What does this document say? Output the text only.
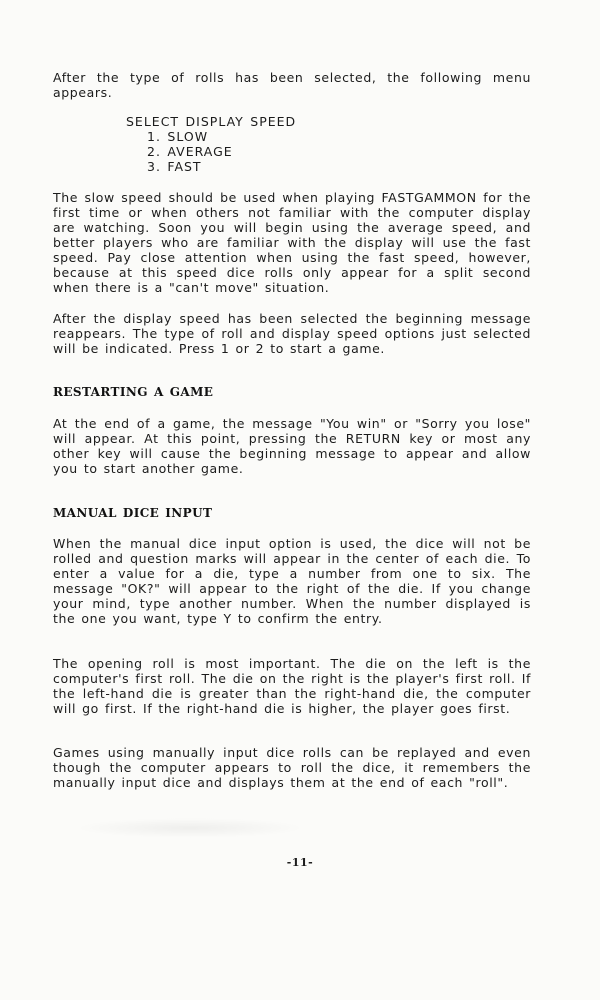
After the type of rolls has been selected, the following menu appears.

SELECT DISPLAY SPEED
1. SLOW
2. AVERAGE
3. FAST

The slow speed should be used when playing FASTGAMMON for the first time or when others not familiar with the computer display are watching. Soon you will begin using the average speed, and better players who are familiar with the display will use the fast speed. Pay close attention when using the fast speed, however, because at this speed dice rolls only appear for a split second when there is a "can't move" situation.

After the display speed has been selected the beginning message reappears. The type of roll and display speed options just selected will be indicated. Press 1 or 2 to start a game.

RESTARTING A GAME

At the end of a game, the message "You win" or "Sorry you lose" will appear. At this point, pressing the RETURN key or most any other key will cause the beginning message to appear and allow you to start another game.

MANUAL DICE INPUT

When the manual dice input option is used, the dice will not be rolled and question marks will appear in the center of each die. To enter a value for a die, type a number from one to six. The message "OK?" will appear to the right of the die. If you change your mind, type another number. When the number displayed is the one you want, type Y to confirm the entry.

The opening roll is most important. The die on the left is the computer's first roll. The die on the right is the player's first roll. If the left-hand die is greater than the right-hand die, the computer will go first. If the right-hand die is higher, the player goes first.

Games using manually input dice rolls can be replayed and even though the computer appears to roll the dice, it remembers the manually input dice and displays them at the end of each "roll".

-11-
